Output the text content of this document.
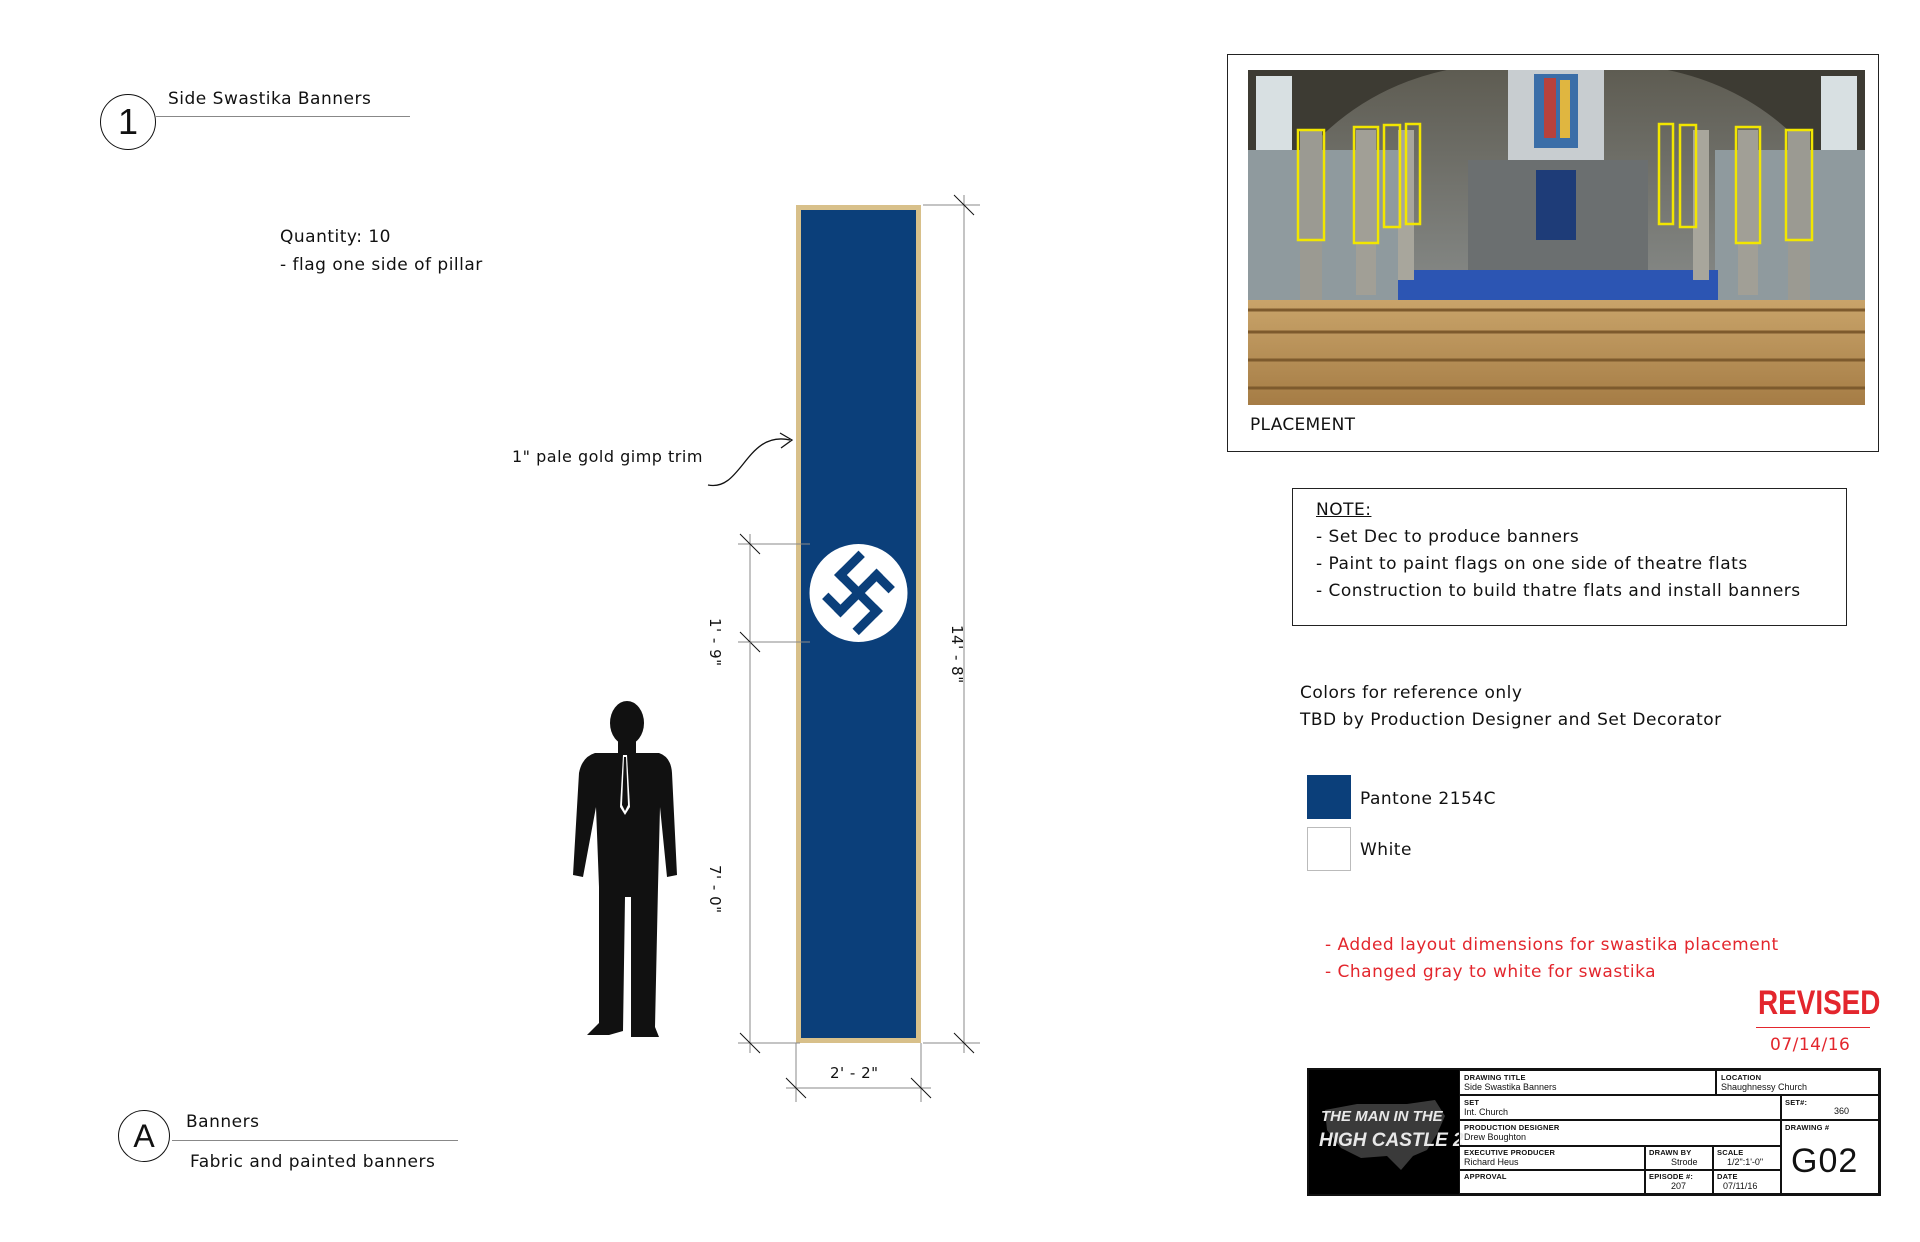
1
Side Swastika Banners
Quantity: 10
- flag one side of pillar
14' - 8"
1' - 9"
7' - 0"
2' - 2"
1" pale gold gimp trim
PLACEMENT
NOTE:
- Set Dec to produce banners
- Paint to paint flags on one side of theatre flats
- Construction to build thatre flats and install banners
Colors for reference only
TBD by Production Designer and Set Decorator
Pantone 2154C
White
- Added layout dimensions for swastika placement
- Changed gray to white for swastika
REVISED
07/14/16
A Banners
Fabric and painted banners
THE MAN IN THE
HIGH CASTLE 2
DRAWING TITLE
Side Swastika Banners
LOCATION
Shaughnessy Church
SET
Int. Church
SET#:
360
PRODUCTION DESIGNER
Drew Boughton
DRAWING #
G02
EXECUTIVE PRODUCER
Richard Heus
DRAWN BY
Strode
SCALE
1/2":1'-0"
APPROVAL	EPISODE #:
207
DATE
07/11/16
